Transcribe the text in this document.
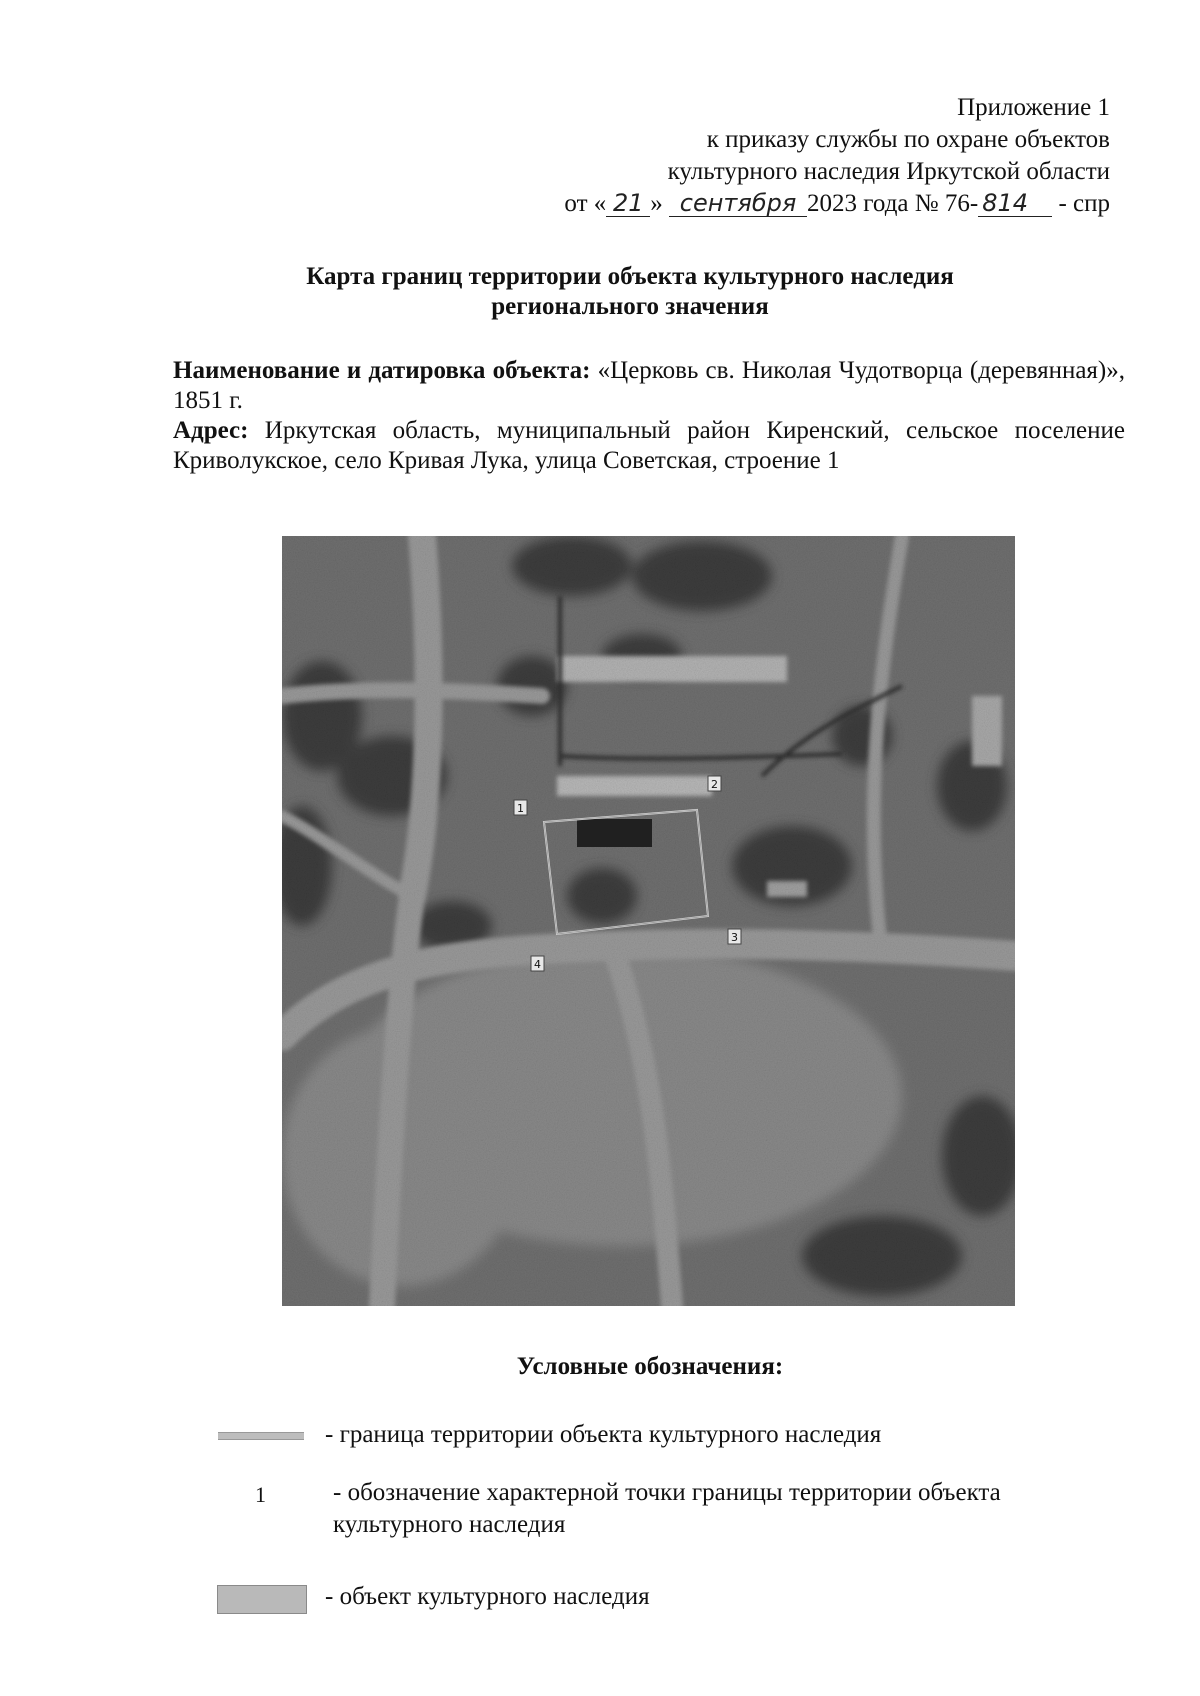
Приложение 1
к приказу службы по охране объектов
культурного наследия Иркутской области
от « 21 » сентября 2023 года № 76- 814 - спр
Карта границ территории объекта культурного наследия
регионального значения

Наименование и датировка объекта: «Церковь св. Николая Чудотворца (деревянная)», 1851 г.

Адрес: Иркутская область, муниципальный район Киренский, сельское поселение Криволукское, село Кривая Лука, улица Советская, строение 1

1
2
3
4
Условные обозначения:
- граница территории объекта культурного наследия
1	- обозначение характерной точки границы территории объекта
культурного наследия
- объект культурного наследия
